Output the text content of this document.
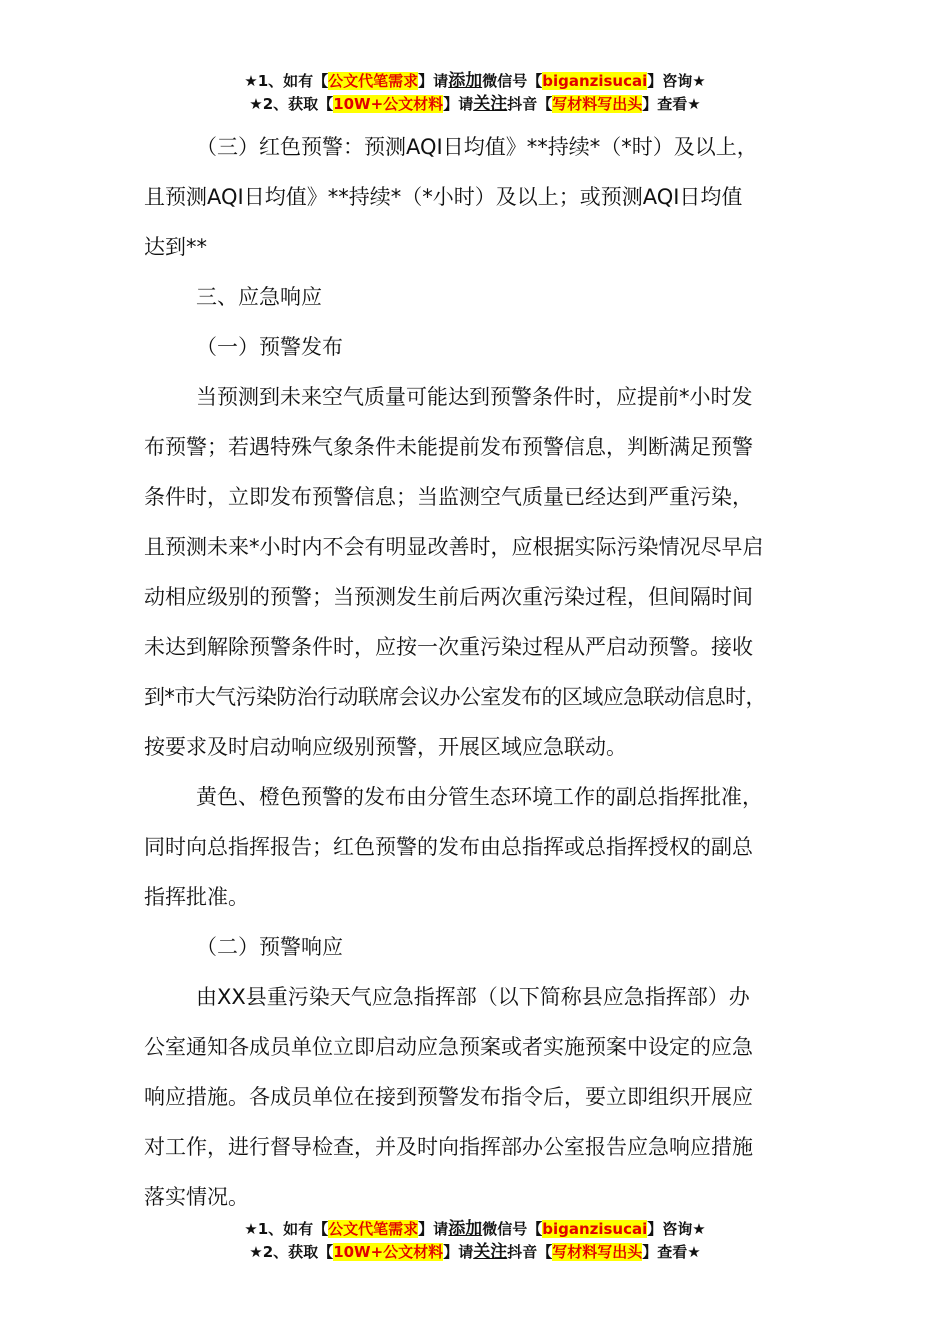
★1、如有【公文代笔需求】请添加微信号【biganzisucai】咨询★
★2、获取【10W+公文材料】请关注抖音【写材料写出头】查看★

（三）红色预警：预测AQI日均值》**持续*（*时）及以上，

且预测AQI日均值》**持续*（*小时）及以上；或预测AQI日均值

达到**

三、应急响应

（一）预警发布

当预测到未来空气质量可能达到预警条件时，应提前*小时发

布预警；若遇特殊气象条件未能提前发布预警信息，判断满足预警

条件时，立即发布预警信息；当监测空气质量已经达到严重污染，

且预测未来*小时内不会有明显改善时，应根据实际污染情况尽早启

动相应级别的预警；当预测发生前后两次重污染过程，但间隔时间

未达到解除预警条件时，应按一次重污染过程从严启动预警。接收

到*市大气污染防治行动联席会议办公室发布的区域应急联动信息时，

按要求及时启动响应级别预警，开展区域应急联动。

黄色、橙色预警的发布由分管生态环境工作的副总指挥批准，

同时向总指挥报告；红色预警的发布由总指挥或总指挥授权的副总

指挥批准。

（二）预警响应

由XX县重污染天气应急指挥部（以下简称县应急指挥部）办

公室通知各成员单位立即启动应急预案或者实施预案中设定的应急

响应措施。各成员单位在接到预警发布指令后，要立即组织开展应

对工作，进行督导检查，并及时向指挥部办公室报告应急响应措施

落实情况。

★1、如有【公文代笔需求】请添加微信号【biganzisucai】咨询★
★2、获取【10W+公文材料】请关注抖音【写材料写出头】查看★
